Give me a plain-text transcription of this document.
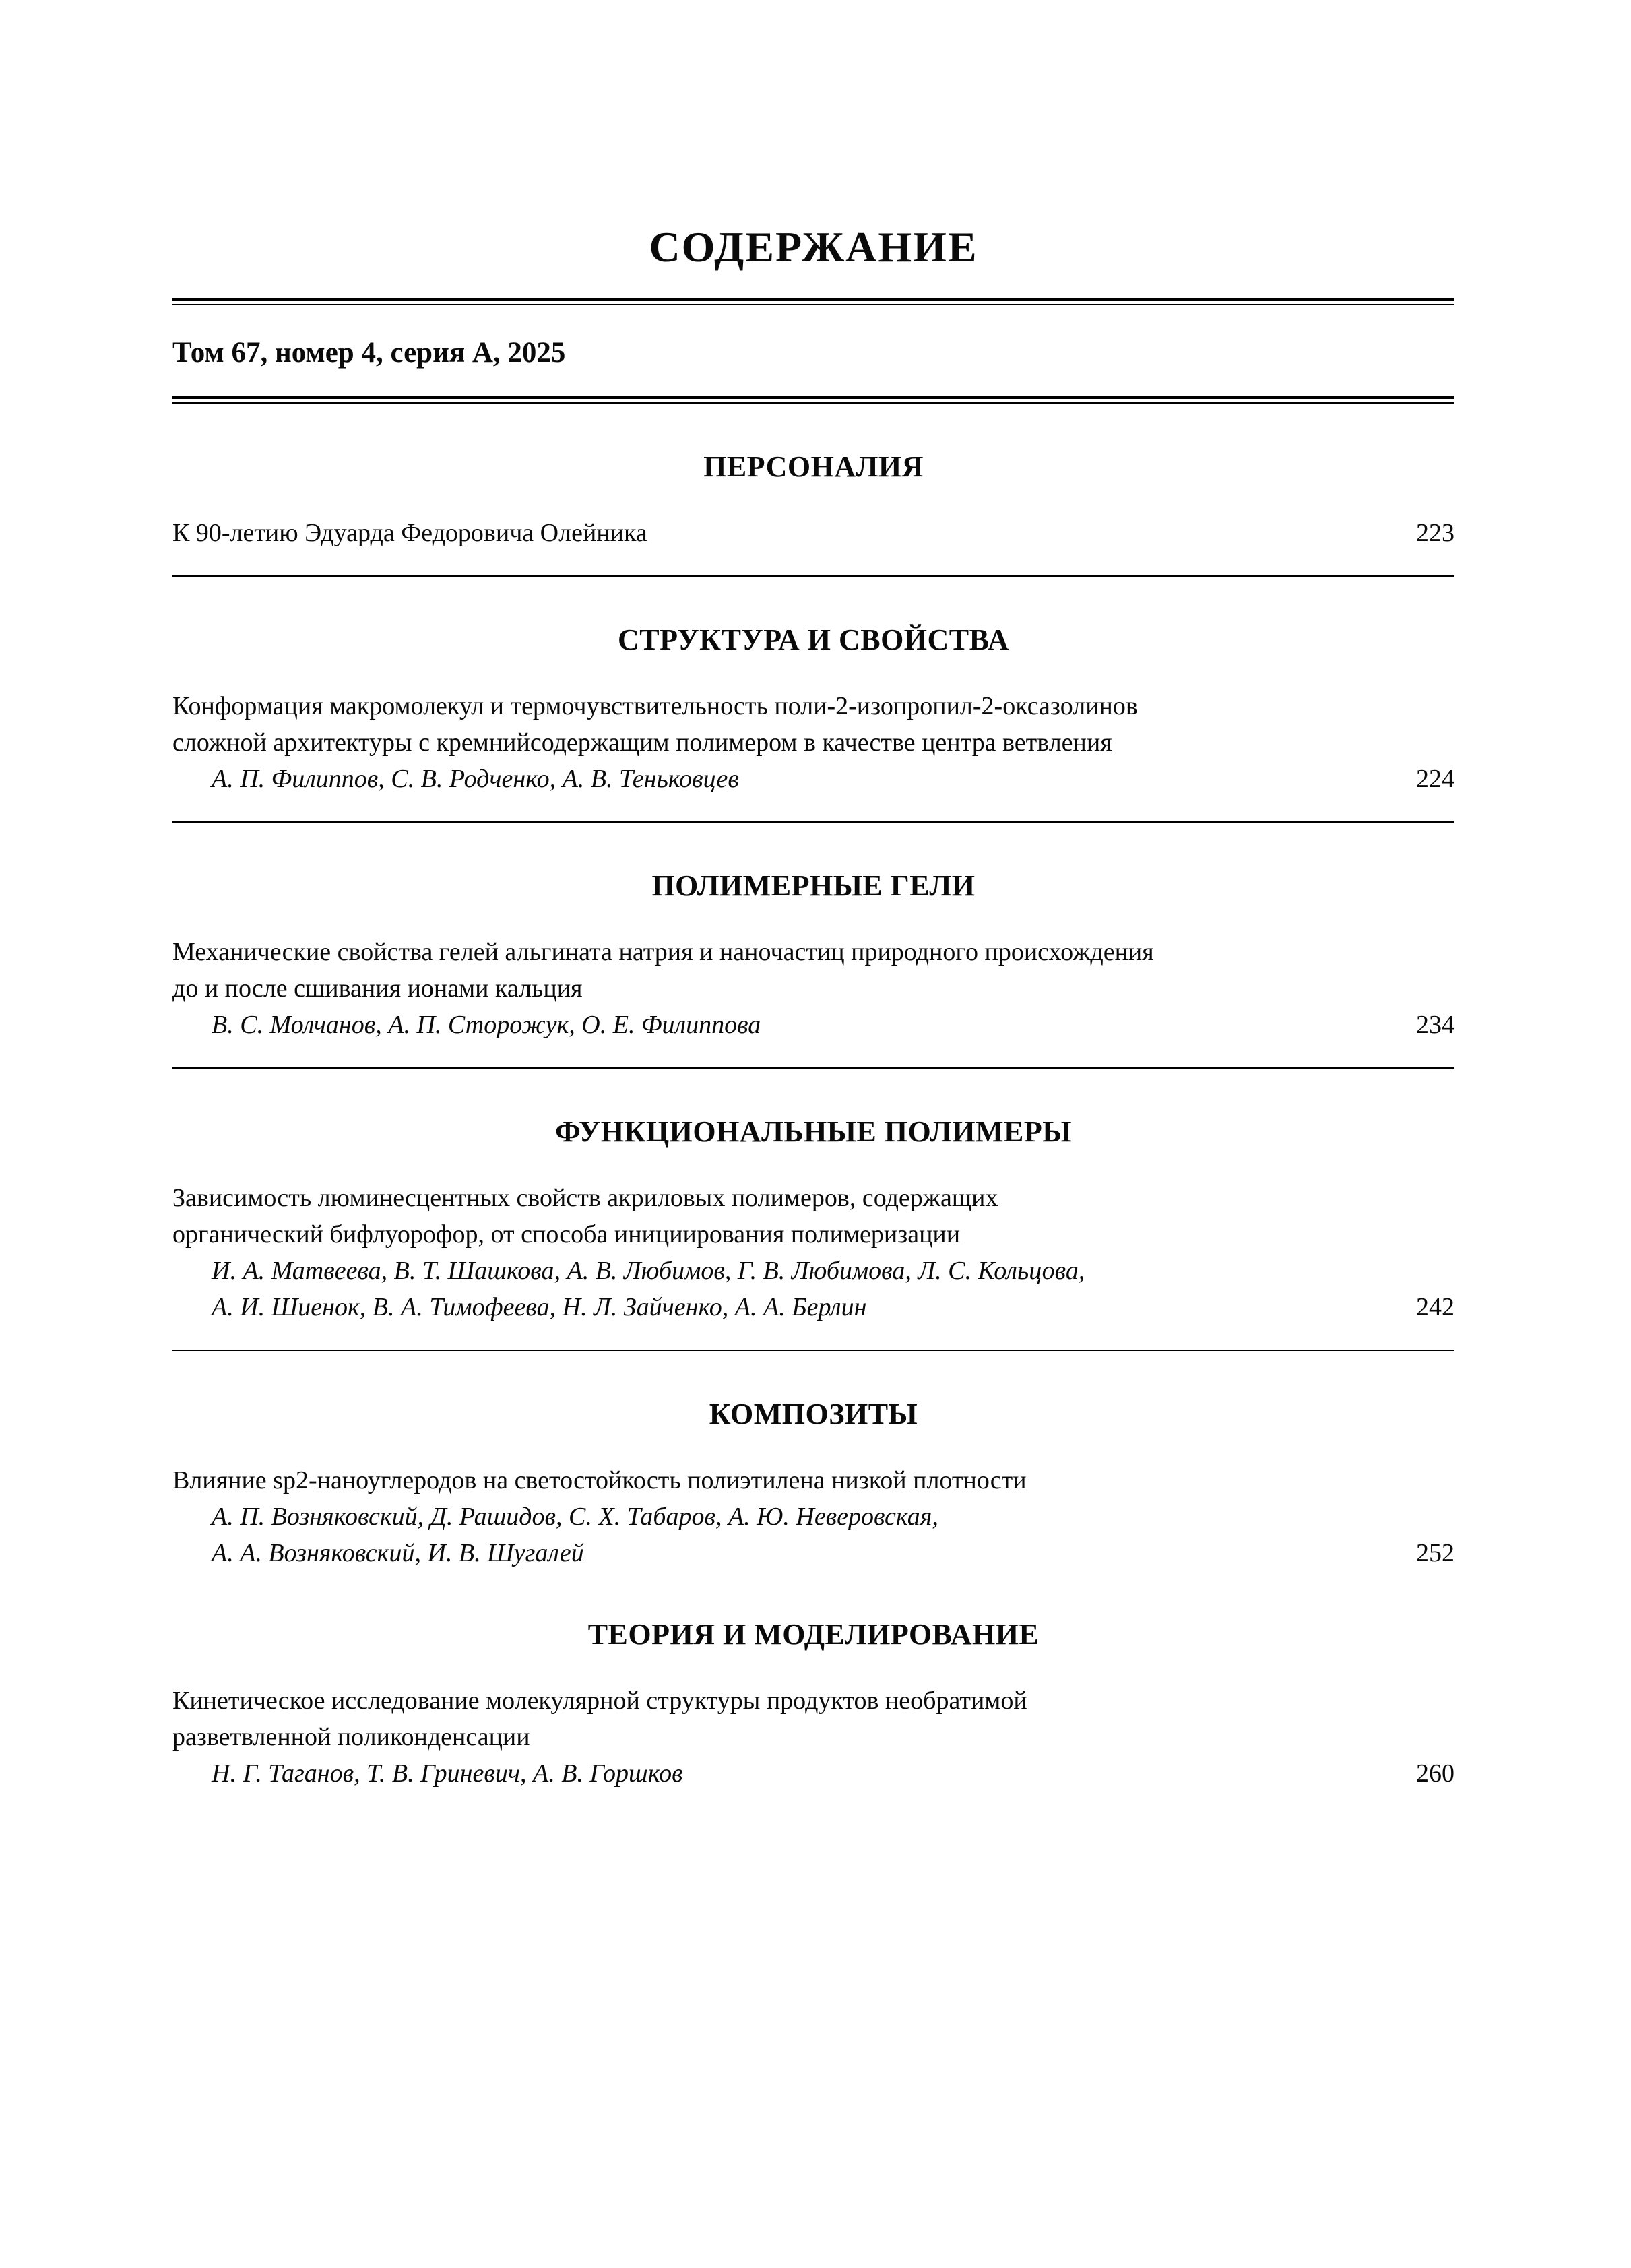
СОДЕРЖАНИЕ
Том 67, номер 4, серия А, 2025
ПЕРСОНАЛИЯ
К 90-летию Эдуарда Федоровича Олейника	223
СТРУКТУРА И СВОЙСТВА
Конформация макромолекул и термочувствительность поли-2-изопропил-2-оксазолинов
сложной архитектуры с кремнийсодержащим полимером в качестве центра ветвления
А. П. Филиппов, С. В. Родченко, А. В. Теньковцев	224
ПОЛИМЕРНЫЕ ГЕЛИ
Механические свойства гелей альгината натрия и наночастиц природного происхождения
до и после сшивания ионами кальция
В. С. Молчанов, А. П. Сторожук, О. Е. Филиппова	234
ФУНКЦИОНАЛЬНЫЕ ПОЛИМЕРЫ
Зависимость люминесцентных свойств акриловых полимеров, содержащих
органический бифлуорофор, от способа инициирования полимеризации
И. А. Матвеева, В. Т. Шашкова, А. В. Любимов, Г. В. Любимова, Л. С. Кольцова,
А. И. Шиенок, В. А. Тимофеева, Н. Л. Зайченко, А. А. Берлин	242
КОМПОЗИТЫ
Влияние sp2-наноуглеродов на светостойкость полиэтилена низкой плотности
А. П. Возняковский, Д. Рашидов, С. Х. Табаров, А. Ю. Неверовская,
А. А. Возняковский, И. В. Шугалей	252
ТЕОРИЯ И МОДЕЛИРОВАНИЕ
Кинетическое исследование молекулярной структуры продуктов необратимой
разветвленной поликонденсации
Н. Г. Таганов, Т. В. Гриневич, А. В. Горшков	260
